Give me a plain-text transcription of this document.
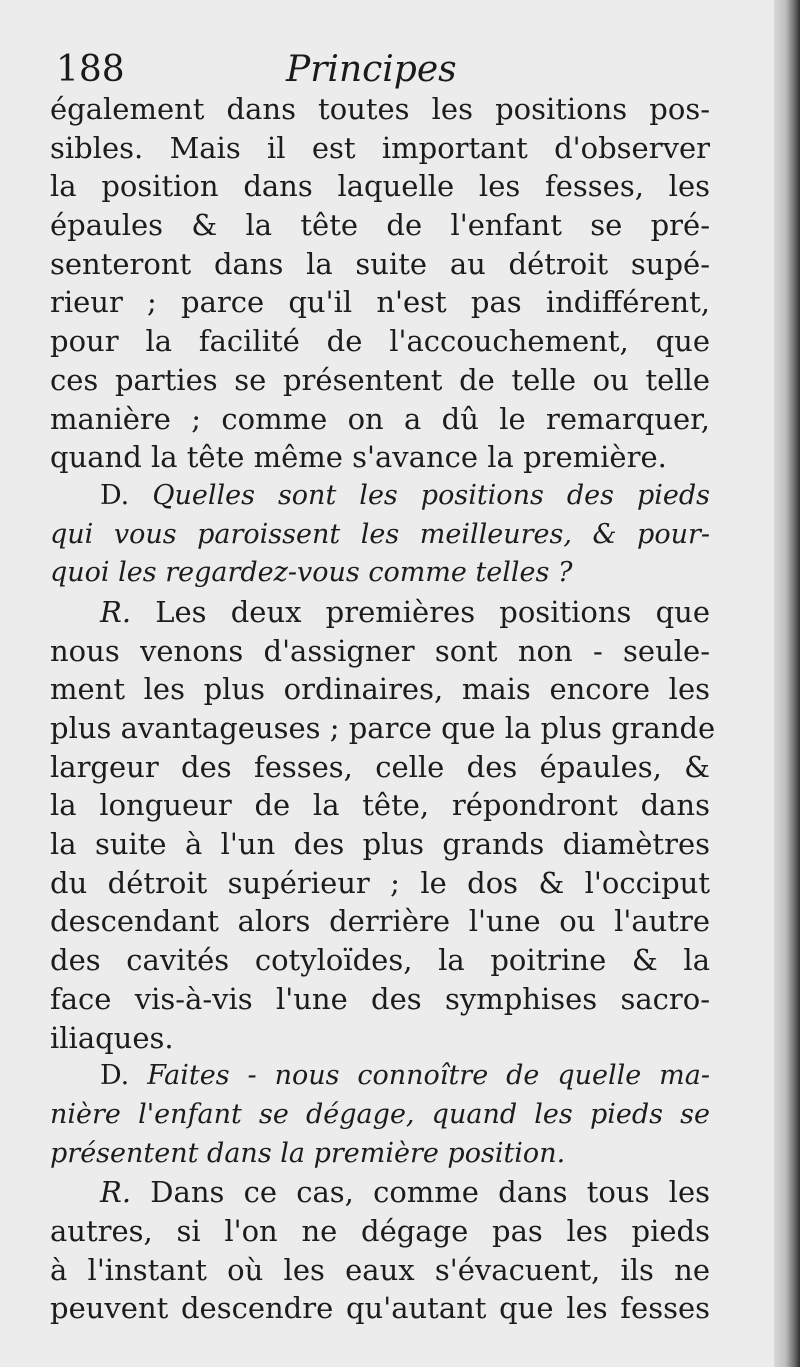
188	Principes
également dans toutes les positions pos-
sibles. Mais il est important d'observer
la position dans laquelle les fesses, les
épaules & la tête de l'enfant se pré-
senteront dans la suite au détroit supé-
rieur ; parce qu'il n'est pas indifférent,
pour la facilité de l'accouchement, que
ces parties se présentent de telle ou telle
manière ; comme on a dû le remarquer,
quand la tête même s'avance la première.
D. Quelles sont les positions des pieds
qui vous paroissent les meilleures, & pour-
quoi les regardez-vous comme telles ?
R. Les deux premières positions que
nous venons d'assigner sont non - seule-
ment les plus ordinaires, mais encore les
plus avantageuses ; parce que la plus grande
largeur des fesses, celle des épaules, &
la longueur de la tête, répondront dans
la suite à l'un des plus grands diamètres
du détroit supérieur ; le dos & l'occiput
descendant alors derrière l'une ou l'autre
des cavités cotyloïdes, la poitrine & la
face vis-à-vis l'une des symphises sacro-
iliaques.
D. Faites - nous connoître de quelle ma-
nière l'enfant se dégage, quand les pieds se
présentent dans la première position.
R. Dans ce cas, comme dans tous les
autres, si l'on ne dégage pas les pieds
à l'instant où les eaux s'évacuent, ils ne
peuvent descendre qu'autant que les fesses
